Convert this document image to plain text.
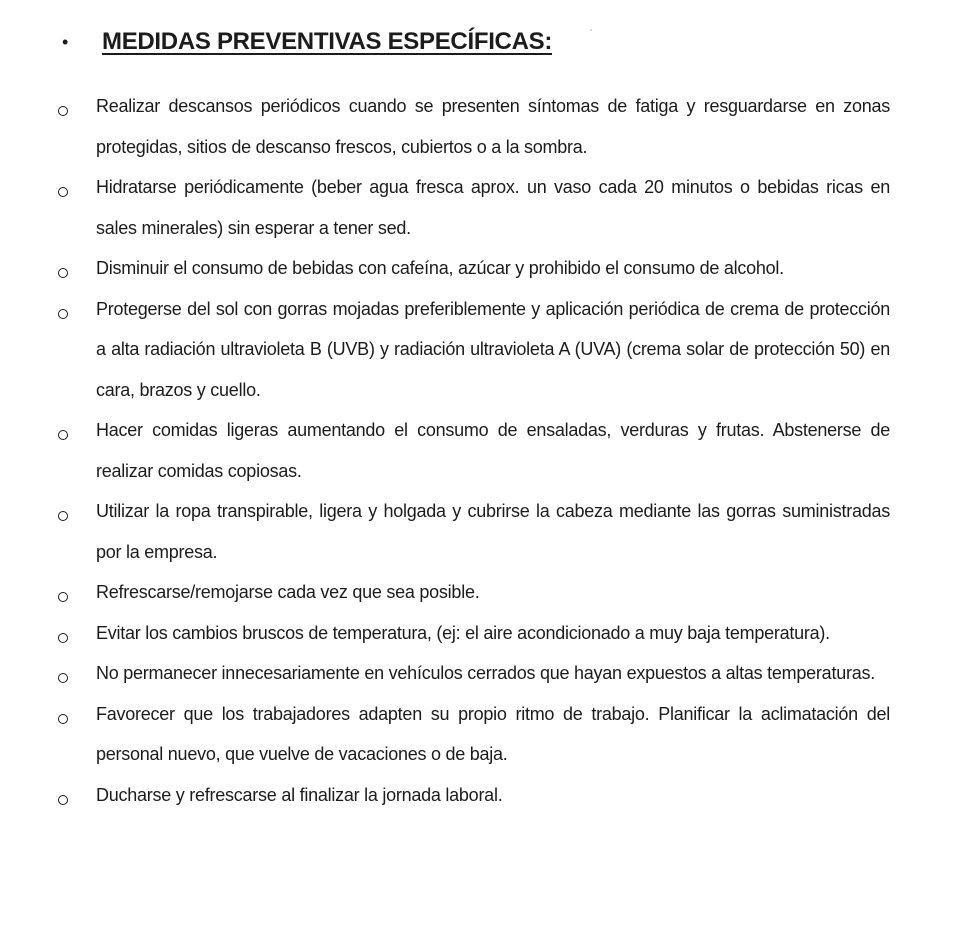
•	MEDIDAS PREVENTIVAS ESPECÍFICAS:
Realizar descansos periódicos cuando se presenten síntomas de fatiga y resguardarse en zonas protegidas, sitios de descanso frescos, cubiertos o a la sombra.
Hidratarse periódicamente (beber agua fresca aprox. un vaso cada 20 minutos o bebidas ricas en sales minerales) sin esperar a tener sed.
Disminuir el consumo de bebidas con cafeína, azúcar y prohibido el consumo de alcohol.
Protegerse del sol con gorras mojadas preferiblemente y aplicación periódica de crema de protección a alta radiación ultravioleta B (UVB) y radiación ultravioleta A (UVA) (crema solar de protección 50) en cara, brazos y cuello.
Hacer comidas ligeras aumentando el consumo de ensaladas, verduras y frutas. Abstenerse de realizar comidas copiosas.
Utilizar la ropa transpirable, ligera y holgada y cubrirse la cabeza mediante las gorras suministradas por la empresa.
Refrescarse/remojarse cada vez que sea posible.
Evitar los cambios bruscos de temperatura, (ej: el aire acondicionado a muy baja temperatura).
No permanecer innecesariamente en vehículos cerrados que hayan expuestos a altas temperaturas.
Favorecer que los trabajadores adapten su propio ritmo de trabajo. Planificar la aclimatación del personal nuevo, que vuelve de vacaciones o de baja.
Ducharse y refrescarse al finalizar la jornada laboral.
